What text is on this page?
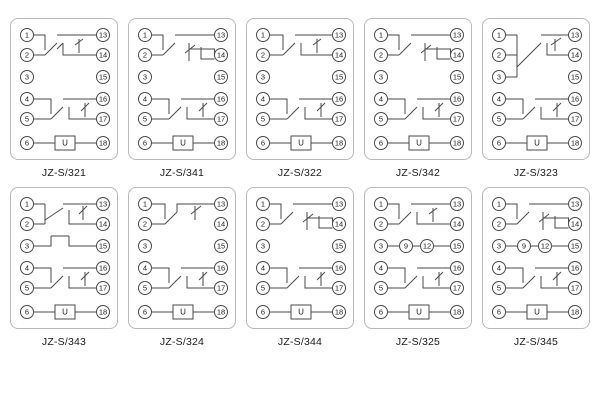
1
2
3
4
5
6
13
14
15
16
17
18
U
JZ-S/321
1
2
3
4
5
6
13
14
15
16
17
18
U
JZ-S/341
1
2
3
4
5
6
13
14
15
16
17
18
U
JZ-S/322
1
2
3
4
5
6
13
14
15
16
17
18
U
JZ-S/342
1
2
3
4
5
6
13
14
15
16
17
18
U
JZ-S/323
1
2
3
4
5
6
13
14
15
16
17
18
U
JZ-S/343
1
2
3
4
5
6
13
14
15
16
17
18
U
JZ-S/324
1
2
3
4
5
6
13
14
15
16
17
18
U
JZ-S/344
1
2
3	9 12
4
5
6
13
14
15
16
17
18
U
JZ-S/325
1
2
3	9 12
4
5
6
13
14
15
16
17
18
U
JZ-S/345
